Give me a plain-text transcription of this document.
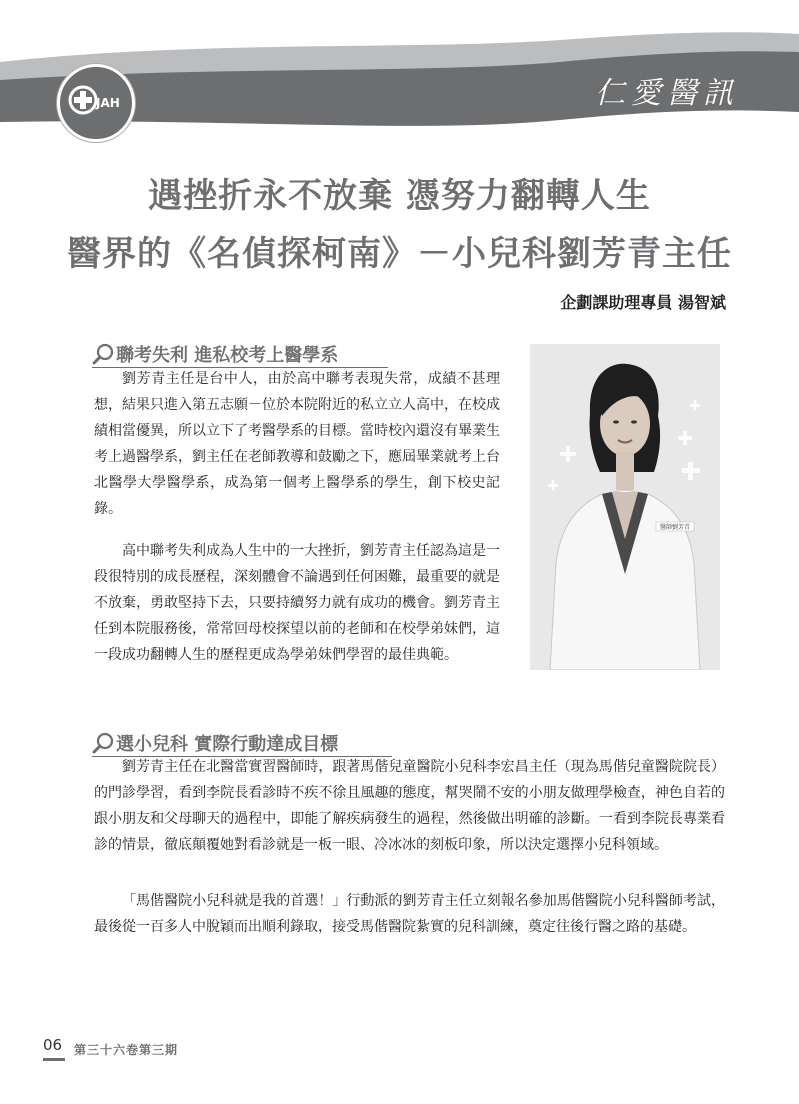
JAH	仁愛醫訊
遇挫折永不放棄 憑努力翻轉人生
醫界的《名偵探柯南》－小兒科劉芳青主任
企劃課助理專員 湯智斌
聯考失利 進私校考上醫學系

劉芳青主任是台中人，由於高中聯考表現失常，成績不甚理想，結果只進入第五志願－位於本院附近的私立立人高中，在校成績相當優異，所以立下了考醫學系的目標。當時校內還沒有畢業生考上過醫學系，劉主任在老師教導和鼓勵之下，應屆畢業就考上台北醫學大學醫學系，成為第一個考上醫學系的學生，創下校史記錄。

高中聯考失利成為人生中的一大挫折，劉芳青主任認為這是一段很特別的成長歷程，深刻體會不論遇到任何困難，最重要的就是不放棄，勇敢堅持下去，只要持續努力就有成功的機會。劉芳青主任到本院服務後，常常回母校探望以前的老師和在校學弟妹們，這一段成功翻轉人生的歷程更成為學弟妹們學習的最佳典範。

醫師劉芳青
選小兒科 實際行動達成目標

劉芳青主任在北醫當實習醫師時，跟著馬偕兒童醫院小兒科李宏昌主任（現為馬偕兒童醫院院長）的門診學習，看到李院長看診時不疾不徐且風趣的態度，幫哭鬧不安的小朋友做理學檢查，神色自若的跟小朋友和父母聊天的過程中，即能了解疾病發生的過程，然後做出明確的診斷。一看到李院長專業看診的情景，徹底顛覆她對看診就是一板一眼、冷冰冰的刻板印象，所以決定選擇小兒科領域。

「馬偕醫院小兒科就是我的首選！」行動派的劉芳青主任立刻報名參加馬偕醫院小兒科醫師考試，最後從一百多人中脫穎而出順利錄取，接受馬偕醫院紮實的兒科訓練，奠定往後行醫之路的基礎。

06 第三十六卷第三期
